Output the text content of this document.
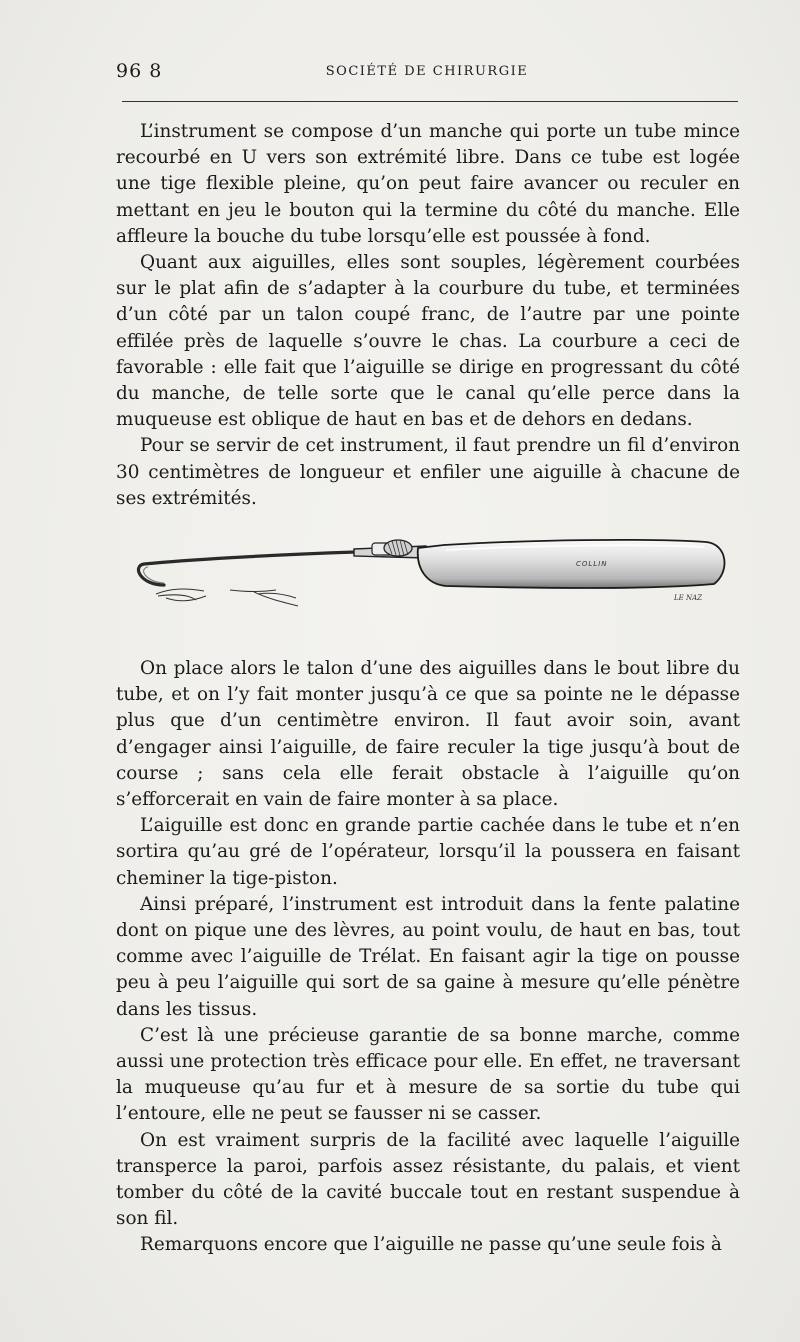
96 8	SOCIÉTÉ DE CHIRURGIE

L’instrument se compose d’un manche qui porte un tube mince recourbé en U vers son extrémité libre. Dans ce tube est logée une tige flexible pleine, qu’on peut faire avancer ou reculer en mettant en jeu le bouton qui la termine du côté du manche. Elle affleure la bouche du tube lorsqu’elle est poussée à fond.

Quant aux aiguilles, elles sont souples, légèrement courbées sur le plat afin de s’adapter à la courbure du tube, et terminées d’un côté par un talon coupé franc, de l’autre par une pointe effilée près de laquelle s’ouvre le chas. La courbure a ceci de favorable : elle fait que l’aiguille se dirige en progressant du côté du manche, de telle sorte que le canal qu’elle perce dans la muqueuse est oblique de haut en bas et de dehors en dedans.

Pour se servir de cet instrument, il faut prendre un fil d’environ 30 centimètres de longueur et enfiler une aiguille à chacune de ses extrémités.

COLLIN
LE NAZ

On place alors le talon d’une des aiguilles dans le bout libre du tube, et on l’y fait monter jusqu’à ce que sa pointe ne le dépasse plus que d’un centimètre environ. Il faut avoir soin, avant d’engager ainsi l’aiguille, de faire reculer la tige jusqu’à bout de course ; sans cela elle ferait obstacle à l’aiguille qu’on s’efforcerait en vain de faire monter à sa place.

L’aiguille est donc en grande partie cachée dans le tube et n’en sortira qu’au gré de l’opérateur, lorsqu’il la poussera en faisant cheminer la tige-piston.

Ainsi préparé, l’instrument est introduit dans la fente palatine dont on pique une des lèvres, au point voulu, de haut en bas, tout comme avec l’aiguille de Trélat. En faisant agir la tige on pousse peu à peu l’aiguille qui sort de sa gaine à mesure qu’elle pénètre dans les tissus.

C’est là une précieuse garantie de sa bonne marche, comme aussi une protection très efficace pour elle. En effet, ne traversant la muqueuse qu’au fur et à mesure de sa sortie du tube qui l’entoure, elle ne peut se fausser ni se casser.

On est vraiment surpris de la facilité avec laquelle l’aiguille transperce la paroi, parfois assez résistante, du palais, et vient tomber du côté de la cavité buccale tout en restant suspendue à son fil.

Remarquons encore que l’aiguille ne passe qu’une seule fois à
